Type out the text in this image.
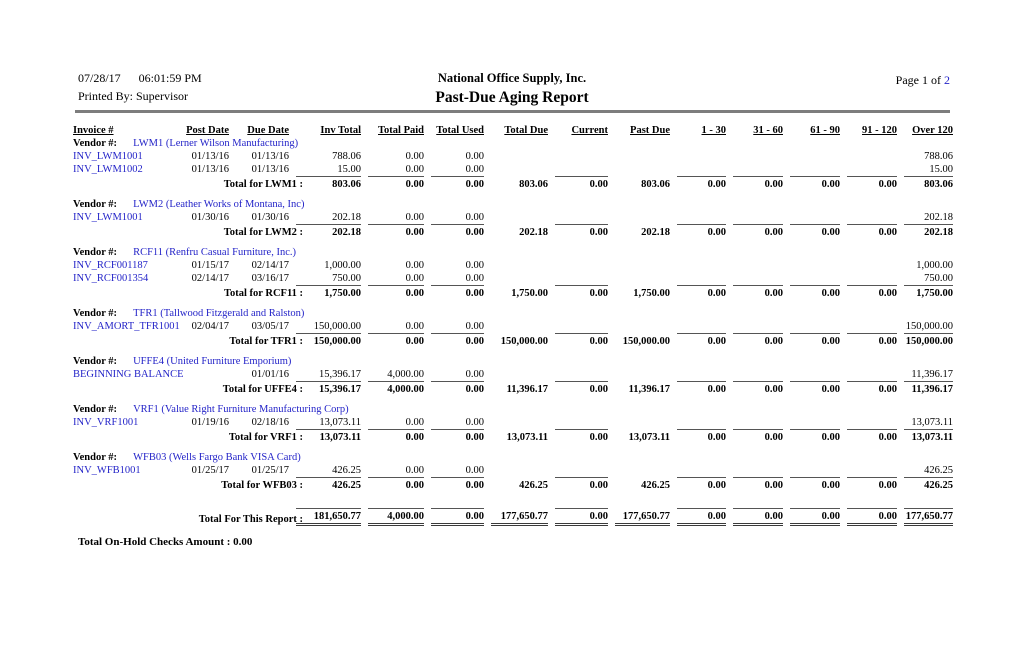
07/28/17 06:01:59 PM
Printed By: Supervisor
National Office Supply, Inc.
Past-Due Aging Report
Page 1 of 2
Invoice #	Post Date	Due Date	Inv Total	Total Paid	Total Used	Total Due	Current	Past Due	1 - 30	31 - 60	61 - 90	91 - 120	Over 120
Vendor #: LWM1 (Lerner Wilson Manufacturing)													
INV_LWM1001	01/13/16	01/13/16	788.06	0.00	0.00								788.06
INV_LWM1002	01/13/16	01/13/16	15.00	0.00	0.00								15.00
Total for LWM1 :			803.06	0.00	0.00	803.06	0.00	803.06	0.00	0.00	0.00	0.00	803.06

Vendor #: LWM2 (Leather Works of Montana, Inc)													
INV_LWM1001	01/30/16	01/30/16	202.18	0.00	0.00								202.18
Total for LWM2 :			202.18	0.00	0.00	202.18	0.00	202.18	0.00	0.00	0.00	0.00	202.18

Vendor #: RCF11 (Renfru Casual Furniture, Inc.)													
INV_RCF001187	01/15/17	02/14/17	1,000.00	0.00	0.00								1,000.00
INV_RCF001354	02/14/17	03/16/17	750.00	0.00	0.00								750.00
Total for RCF11 :			1,750.00	0.00	0.00	1,750.00	0.00	1,750.00	0.00	0.00	0.00	0.00	1,750.00

Vendor #: TFR1 (Tallwood Fitzgerald and Ralston)													
INV_AMORT_TFR1001	02/04/17	03/05/17	150,000.00	0.00	0.00								150,000.00
Total for TFR1 :			150,000.00	0.00	0.00	150,000.00	0.00	150,000.00	0.00	0.00	0.00	0.00	150,000.00

Vendor #: UFFE4 (United Furniture Emporium)													
BEGINNING BALANCE		01/01/16	15,396.17	4,000.00	0.00								11,396.17
Total for UFFE4 :			15,396.17	4,000.00	0.00	11,396.17	0.00	11,396.17	0.00	0.00	0.00	0.00	11,396.17

Vendor #: VRF1 (Value Right Furniture Manufacturing Corp)													
INV_VRF1001	01/19/16	02/18/16	13,073.11	0.00	0.00								13,073.11
Total for VRF1 :			13,073.11	0.00	0.00	13,073.11	0.00	13,073.11	0.00	0.00	0.00	0.00	13,073.11

Vendor #: WFB03 (Wells Fargo Bank VISA Card)													
INV_WFB1001	01/25/17	01/25/17	426.25	0.00	0.00								426.25
Total for WFB03 :			426.25	0.00	0.00	426.25	0.00	426.25	0.00	0.00	0.00	0.00	426.25

Total For This Report :			181,650.77	4,000.00	0.00	177,650.77	0.00	177,650.77	0.00	0.00	0.00	0.00	177,650.77
Total On-Hold Checks Amount : 0.00
